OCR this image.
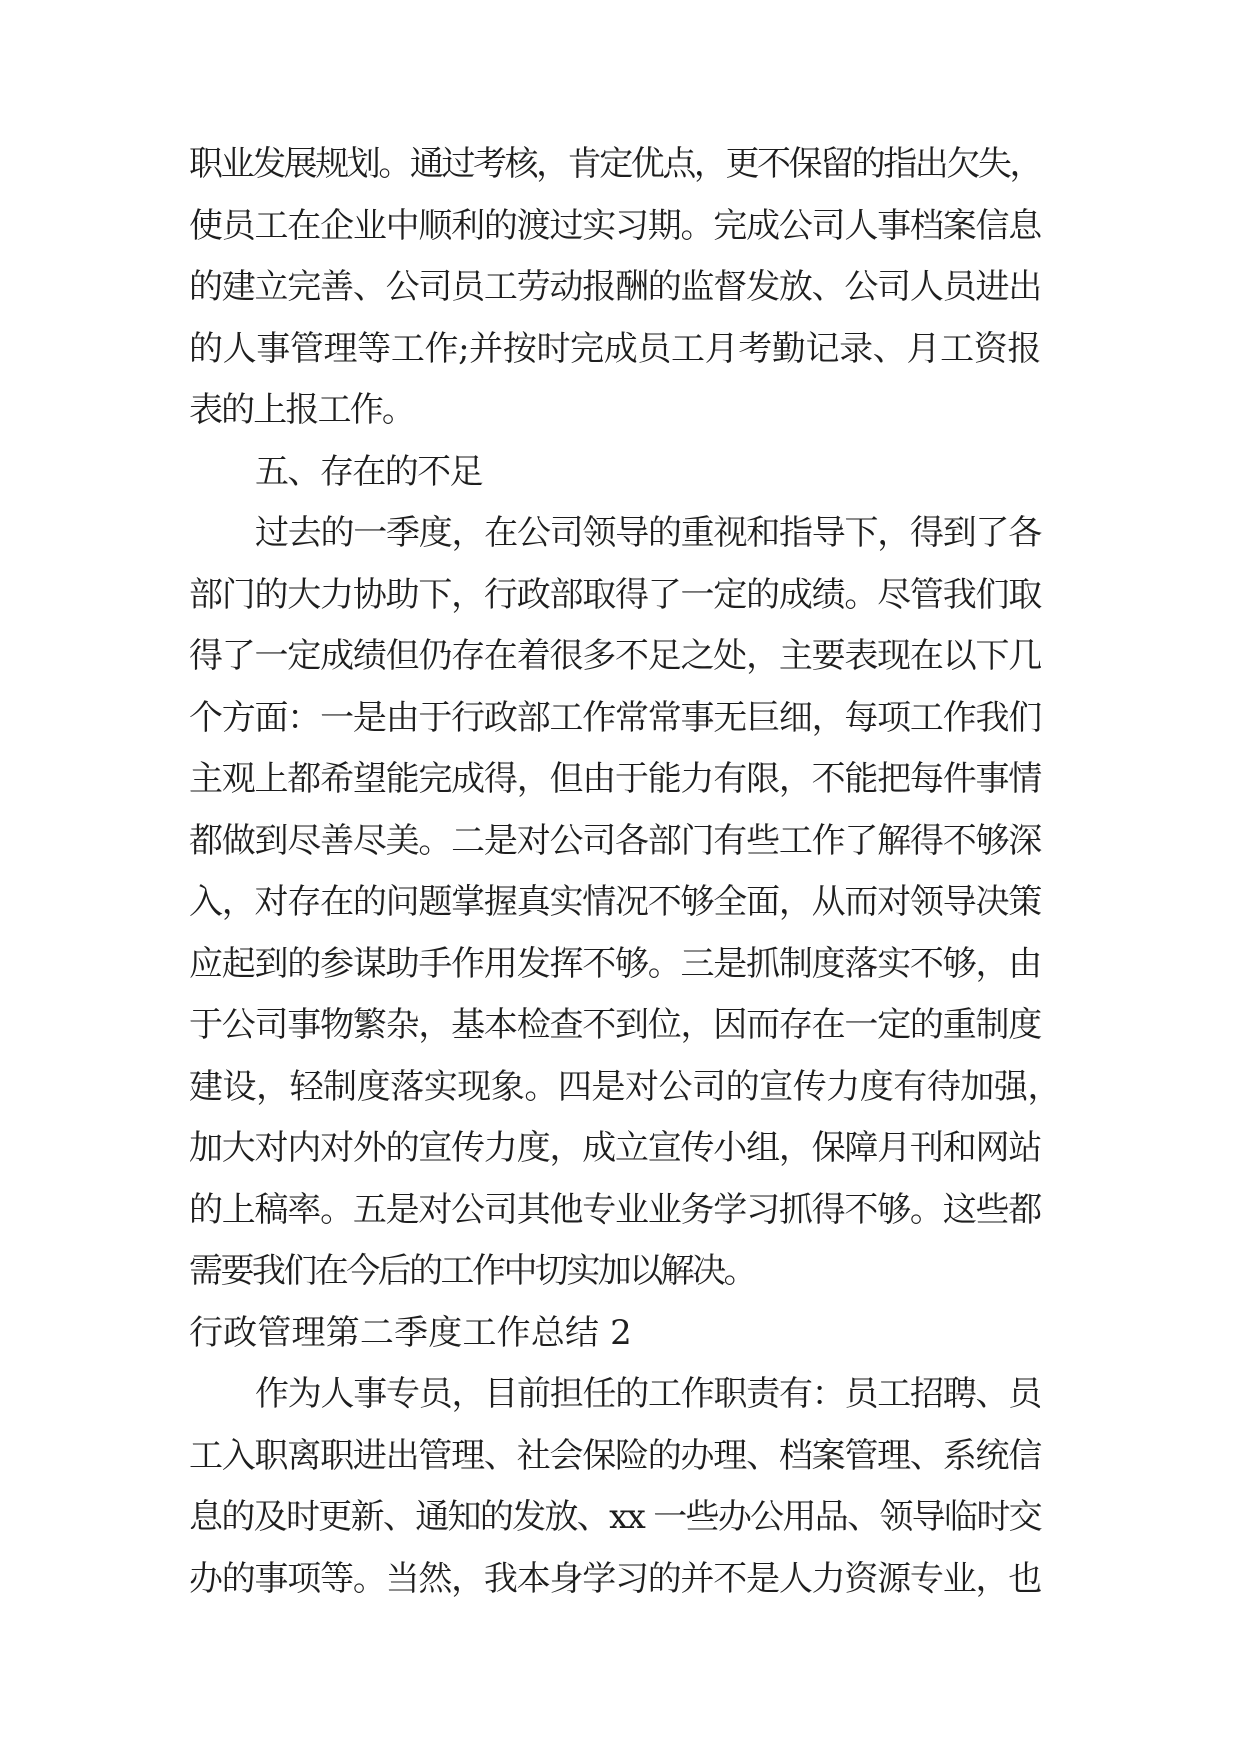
职业发展规划。通过考核，肯定优点，更不保留的指出欠失，
使员工在企业中顺利的渡过实习期。完成公司人事档案信息
的建立完善、公司员工劳动报酬的监督发放、公司人员进出
的人事管理等工作;并按时完成员工月考勤记录、月工资报
表的上报工作。
五、存在的不足
过去的一季度，在公司领导的重视和指导下，得到了各
部门的大力协助下，行政部取得了一定的成绩。尽管我们取
得了一定成绩但仍存在着很多不足之处，主要表现在以下几
个方面：一是由于行政部工作常常事无巨细，每项工作我们
主观上都希望能完成得，但由于能力有限，不能把每件事情
都做到尽善尽美。二是对公司各部门有些工作了解得不够深
入，对存在的问题掌握真实情况不够全面，从而对领导决策
应起到的参谋助手作用发挥不够。三是抓制度落实不够，由
于公司事物繁杂，基本检查不到位，因而存在一定的重制度
建设，轻制度落实现象。四是对公司的宣传力度有待加强，
加大对内对外的宣传力度，成立宣传小组，保障月刊和网站
的上稿率。五是对公司其他专业业务学习抓得不够。这些都
需要我们在今后的工作中切实加以解决。
行政管理第二季度工作总结 2
作为人事专员，目前担任的工作职责有：员工招聘、员
工入职离职进出管理、社会保险的办理、档案管理、系统信
息的及时更新、通知的发放、xx 一些办公用品、领导临时交
办的事项等。当然，我本身学习的并不是人力资源专业，也
